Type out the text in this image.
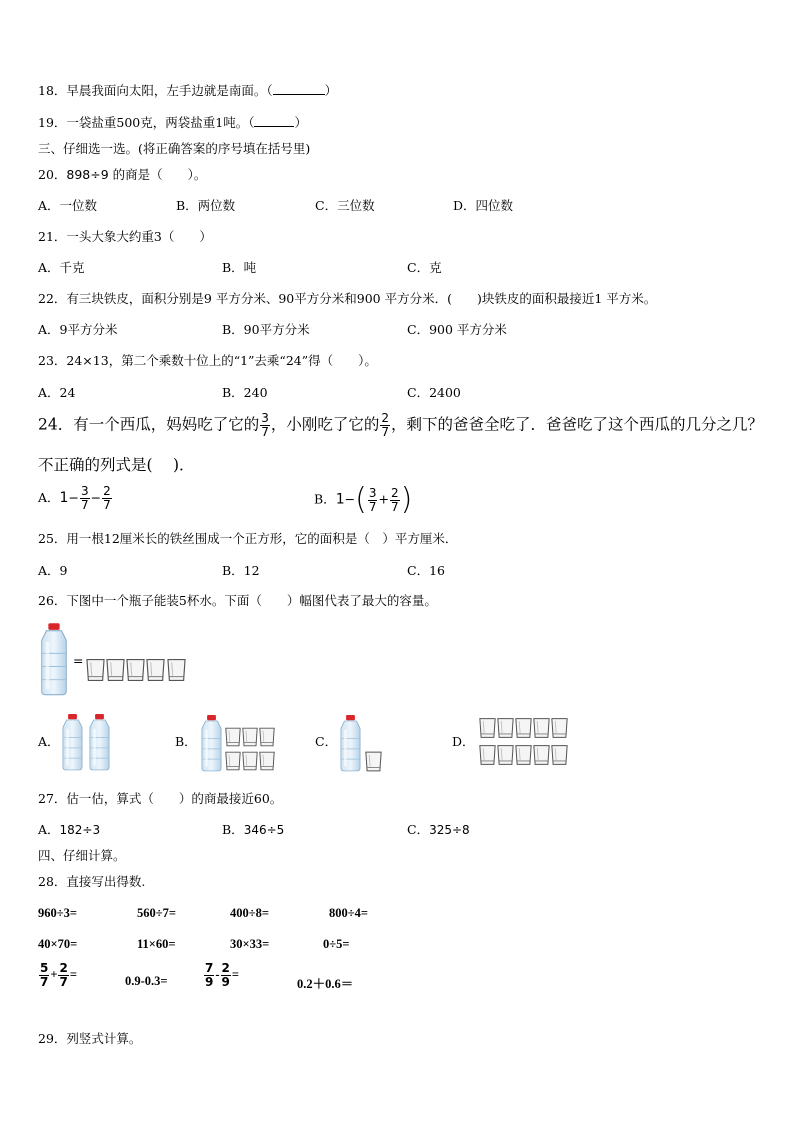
18．早晨我面向太阳，左手边就是南面。（	）
19．一袋盐重500克，两袋盐重1吨。（	）
三、仔细选一选。(将正确答案的序号填在括号里)
20．898÷9 的商是（　　）。
A．一位数	B．两位数	C．三位数	D．四位数
21．一头大象大约重3（　　）
A．千克	B．吨	C．克
22．有三块铁皮，面积分别是9 平方分米、90平方分米和900 平方分米．(　　)块铁皮的面积最接近1 平方米。
A．9平方分米	B．90平方分米	C．900 平方分米
23．24×13，第二个乘数十位上的“1”去乘“24”得（　　）。
A．24	B．240	C．2400
24．有一个西瓜，妈妈吃了它的 $\frac{3}{7}$ ，小刚吃了它的 $\frac{2}{7}$ ，剩下的爸爸全吃了．爸爸吃了这个西瓜的几分之几？
不正确的列式是(　 )．
A．$1- \frac{3}{7} - \frac{2}{7}$	B．$1-( \frac{3}{7} + \frac{2}{7}$ )
25．用一根12厘米长的铁丝围成一个正方形，它的面积是（　）平方厘米．
A．9	B．12	C．16
26．下图中一个瓶子能装5杯水。下面（　　）幅图代表了最大的容量。
=
A．	B．	C．	D．
27．估一估，算式（　　）的商最接近60。
A．182÷3	B．346÷5	C．325÷8
四、仔细计算。
28．直接写出得数.
960÷3=	560÷7=	400÷8=	800÷4=
40×70=	11×60=	30×33=	0÷5=
$\frac{5}{7} + \frac{2}{7}$ =	0.9-0.3=	$\frac{7}{9} - \frac{2}{9}$ =
0.2＋0.6＝
29．列竖式计算。
